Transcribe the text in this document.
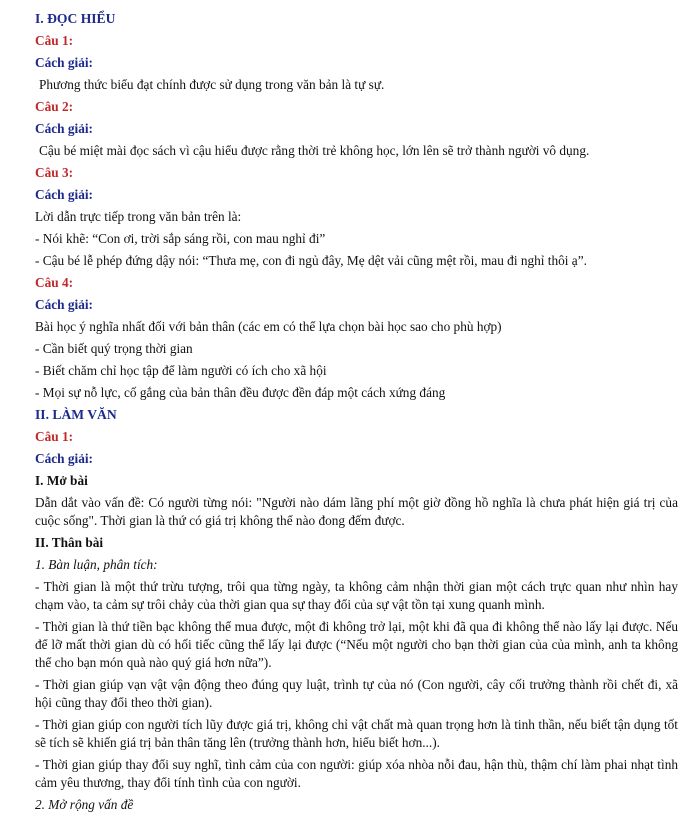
I. ĐỌC HIỂU

Câu 1:

Cách giải:

Phương thức biểu đạt chính được sử dụng trong văn bản là tự sự.

Câu 2:

Cách giải:

Cậu bé miệt mài đọc sách vì cậu hiểu được rằng thời trẻ không học, lớn lên sẽ trở thành người vô dụng.

Câu 3:

Cách giải:

Lời dẫn trực tiếp trong văn bản trên là:

- Nói khẽ: “Con ơi, trời sắp sáng rồi, con mau nghỉ đi”

- Cậu bé lễ phép đứng dậy nói: “Thưa mẹ, con đi ngủ đây, Mẹ dệt vải cũng mệt rồi, mau đi nghỉ thôi ạ”.

Câu 4:

Cách giải:

Bài học ý nghĩa nhất đối với bản thân (các em có thể lựa chọn bài học sao cho phù hợp)

- Cần biết quý trọng thời gian

- Biết chăm chỉ học tập để làm người có ích cho xã hội

- Mọi sự nỗ lực, cố gắng của bản thân đều được đền đáp một cách xứng đáng

II. LÀM VĂN

Câu 1:

Cách giải:

I. Mở bài

Dẫn dắt vào vấn đề: Có người từng nói: "Người nào dám lãng phí một giờ đồng hồ nghĩa là chưa phát hiện giá trị của cuộc sống". Thời gian là thứ có giá trị không thể nào đong đếm được.

II. Thân bài

1. Bàn luận, phân tích:

- Thời gian là một thứ trừu tượng, trôi qua từng ngày, ta không cảm nhận thời gian một cách trực quan như nhìn hay chạm vào, ta cảm sự trôi chảy của thời gian qua sự thay đổi của sự vật tồn tại xung quanh mình.

- Thời gian là thứ tiền bạc không thể mua được, một đi không trở lại, một khi đã qua đi không thể nào lấy lại được. Nếu để lỡ mất thời gian dù có hối tiếc cũng thể lấy lại được (“Nếu một người cho bạn thời gian của của mình, anh ta không thể cho bạn món quà nào quý giá hơn nữa”).

- Thời gian giúp vạn vật vận động theo đúng quy luật, trình tự của nó (Con người, cây cối trưởng thành rồi chết đi, xã hội cũng thay đổi theo thời gian).

- Thời gian giúp con người tích lũy được giá trị, không chỉ vật chất mà quan trọng hơn là tinh thần, nếu biết tận dụng tốt sẽ tích sẽ khiến giá trị bản thân tăng lên (trưởng thành hơn, hiểu biết hơn...).

- Thời gian giúp thay đổi suy nghĩ, tình cảm của con người: giúp xóa nhòa nỗi đau, hận thù, thậm chí làm phai nhạt tình cảm yêu thương, thay đổi tính tình của con người.

2. Mở rộng vấn đề
